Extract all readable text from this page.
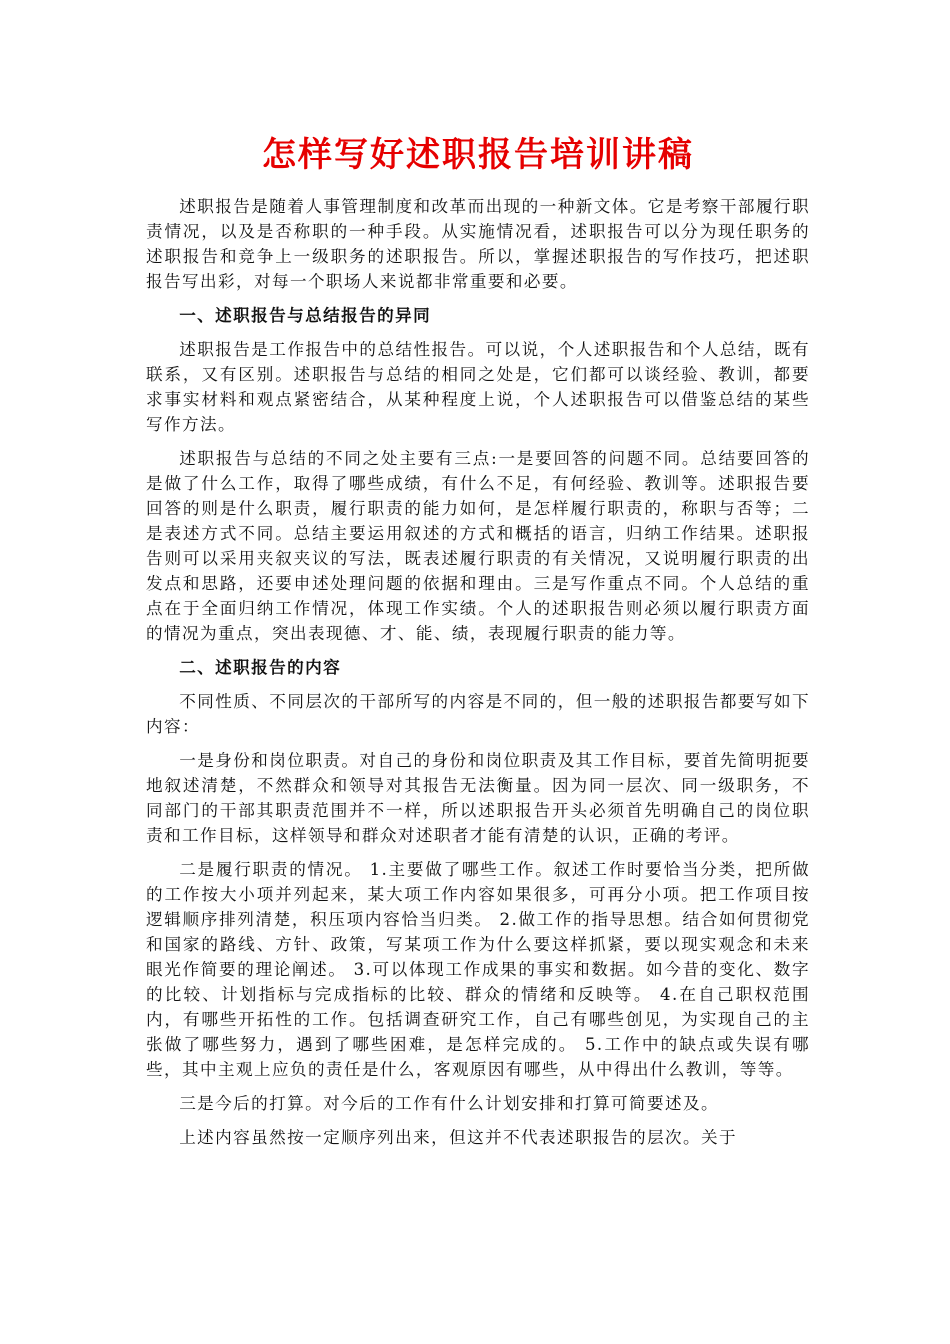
怎样写好述职报告培训讲稿

述职报告是随着人事管理制度和改革而出现的一种新文体。它是考察干部履行职责情况，以及是否称职的一种手段。从实施情况看，述职报告可以分为现任职务的述职报告和竞争上一级职务的述职报告。所以，掌握述职报告的写作技巧，把述职报告写出彩，对每一个职场人来说都非常重要和必要。

一、述职报告与总结报告的异同

述职报告是工作报告中的总结性报告。可以说，个人述职报告和个人总结，既有联系，又有区别。述职报告与总结的相同之处是，它们都可以谈经验、教训，都要求事实材料和观点紧密结合，从某种程度上说，个人述职报告可以借鉴总结的某些写作方法。

述职报告与总结的不同之处主要有三点:一是要回答的问题不同。总结要回答的是做了什么工作，取得了哪些成绩，有什么不足，有何经验、教训等。述职报告要回答的则是什么职责，履行职责的能力如何，是怎样履行职责的，称职与否等；二是表述方式不同。总结主要运用叙述的方式和概括的语言，归纳工作结果。述职报告则可以采用夹叙夹议的写法，既表述履行职责的有关情况，又说明履行职责的出发点和思路，还要申述处理问题的依据和理由。三是写作重点不同。个人总结的重点在于全面归纳工作情况，体现工作实绩。个人的述职报告则必须以履行职责方面的情况为重点，突出表现德、才、能、绩，表现履行职责的能力等。

二、述职报告的内容

不同性质、不同层次的干部所写的内容是不同的，但一般的述职报告都要写如下内容：

一是身份和岗位职责。对自己的身份和岗位职责及其工作目标，要首先简明扼要地叙述清楚，不然群众和领导对其报告无法衡量。因为同一层次、同一级职务，不同部门的干部其职责范围并不一样，所以述职报告开头必须首先明确自己的岗位职责和工作目标，这样领导和群众对述职者才能有清楚的认识，正确的考评。

二是履行职责的情况。 1.主要做了哪些工作。叙述工作时要恰当分类，把所做的工作按大小项并列起来，某大项工作内容如果很多，可再分小项。把工作项目按逻辑顺序排列清楚，积压项内容恰当归类。 2.做工作的指导思想。结合如何贯彻党和国家的路线、方针、政策，写某项工作为什么要这样抓紧，要以现实观念和未来眼光作简要的理论阐述。 3.可以体现工作成果的事实和数据。如今昔的变化、数字的比较、计划指标与完成指标的比较、群众的情绪和反映等。 4.在自己职权范围内，有哪些开拓性的工作。包括调查研究工作，自己有哪些创见，为实现自己的主张做了哪些努力，遇到了哪些困难，是怎样完成的。 5.工作中的缺点或失误有哪些，其中主观上应负的责任是什么，客观原因有哪些，从中得出什么教训，等等。

三是今后的打算。对今后的工作有什么计划安排和打算可简要述及。

上述内容虽然按一定顺序列出来，但这并不代表述职报告的层次。关于
